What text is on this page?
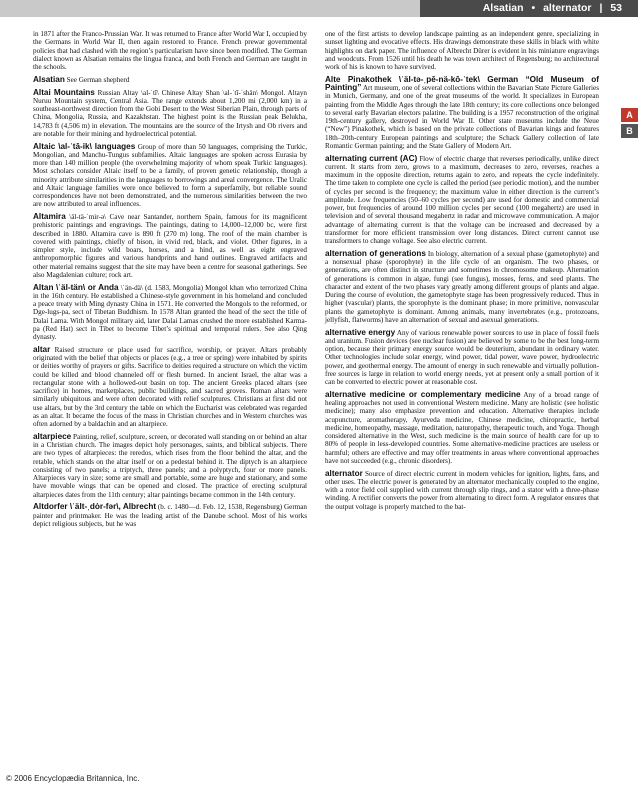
Alsatian • alternator | 53
A
B

in 1871 after the Franco-Prussian War. It was returned to France after World War I, occupied by the Germans in World War II, then again restored to France. French prewar governmental policies that had clashed with the region’s particularism have since been modified. The German dialect known as Alsatian remains the lingua franca, and both French and German are taught in the schools.

Alsatian See German shepherd

Altai Mountains Russian Altay \al-ˈtī\ Chinese Altay Shan \al-ˈtī-ˈshän\ Mongol. Altayn Nuruu Mountain system, Central Asia. The range extends about 1,200 mi (2,000 km) in a southeast-northwest direction from the Gobi Desert to the West Siberian Plain, through parts of China, Mongolia, Russia, and Kazakhstan. The highest point is the Russian peak Belukha, 14,783 ft (4,506 m) in elevation. The mountains are the source of the Irtysh and Ob rivers and are notable for their mining and hydroelectrical potential.

Altaic \al-ˈtā-ik\ languages Group of more than 50 languages, comprising the Turkic, Mongolian, and Manchu-Tungus subfamilies. Altaic languages are spoken across Eurasia by more than 140 million people (the overwhelming majority of whom speak Turkic languages). Most scholars consider Altaic itself to be a family, of proven genetic relationship, though a minority attribute similarities in the languages to borrowings and areal convergence. The Uralic and Altaic language families were once believed to form a superfamily, but reliable sound correspondences have not been demonstrated, and the numerous similarities between the two are now attributed to areal influences.

Altamira \äl-tä-ˈmir-ə\ Cave near Santander, northern Spain, famous for its magnificent prehistoric paintings and engravings. The paintings, dating to 14,000–12,000 bc, were first described in 1880. Altamira cave is 890 ft (270 m) long. The roof of the main chamber is covered with paintings, chiefly of bison, in vivid red, black, and violet. Other figures, in a simpler style, include wild boars, horses, and a hind, as well as eight engraved anthropomorphic figures and various handprints and hand outlines. Engraved artifacts and other material remains suggest that the site may have been a centre for seasonal gatherings. See also Magdalenian culture; rock art.

Altan \ˈäl-tän\ or Anda \ˈän-dä\ (d. 1583, Mongolia) Mongol khan who terrorized China in the 16th century. He established a Chinese-style government in his homeland and concluded a peace treaty with Ming dynasty China in 1571. He converted the Mongols to the reformed, or Dge-lugs-pa, sect of Tibetan Buddhism. In 1578 Altan granted the head of the sect the title of Dalai Lama. With Mongol military aid, later Dalai Lamas crushed the more established Karma-pa (Red Hat) sect in Tibet to become Tibet’s spiritual and temporal rulers. See also Qing dynasty.

altar Raised structure or place used for sacrifice, worship, or prayer. Altars probably originated with the belief that objects or places (e.g., a tree or spring) were inhabited by spirits or deities worthy of prayers or gifts. Sacrifice to deities required a structure on which the victim could be killed and blood channeled off or flesh burned. In ancient Israel, the altar was a rectangular stone with a hollowed-out basin on top. The ancient Greeks placed altars (see sacrifice) in homes, marketplaces, public buildings, and sacred groves. Roman altars were similarly ubiquitous and were often decorated with relief sculptures. Christians at first did not use altars, but by the 3rd century the table on which the Eucharist was celebrated was regarded as an altar. It became the focus of the mass in Christian churches and in Western churches was often adorned by a baldachin and an altarpiece.

altarpiece Painting, relief, sculpture, screen, or decorated wall standing on or behind an altar in a Christian church. The images depict holy personages, saints, and biblical subjects. There are two types of altarpieces: the reredos, which rises from the floor behind the altar, and the retable, which stands on the altar itself or on a pedestal behind it. The diptych is an altarpiece consisting of two panels; a triptych, three panels; and a polyptych, four or more panels. Altarpieces vary in size; some are small and portable, some are huge and stationary, and some have movable wings that can be opened and closed. The practice of erecting sculptural altarpieces dates from the 11th century; altar paintings became common in the 14th century.

Altdorfer \ˈält-ˌdȯr-fər\, Albrecht (b. c. 1480—d. Feb. 12, 1538, Regensburg) German painter and printmaker. He was the leading artist of the Danube school. Most of his works depict religious subjects, but he was

one of the first artists to develop landscape painting as an independent genre, specializing in sunset lighting and evocative effects. His drawings demonstrate these skills in black with white highlights on dark paper. The influence of Albrecht Dürer is evident in his miniature engravings and woodcuts. From 1526 until his death he was town architect of Regensburg; no architectural work of his is known to have survived.

Alte Pinakothek \ˈäl-tə-ˌpē-nä-kō-ˈtek\ German “Old Museum of Painting” Art museum, one of several collections within the Bavarian State Picture Galleries in Munich, Germany, and one of the great museums of the world. It specializes in European painting from the Middle Ages through the late 18th century; its core collections once belonged to several early Bavarian electors palatine. The building is a 1957 reconstruction of the original 19th-century gallery, destroyed in World War II. Other state museums include the Neue (“New”) Pinakothek, which is based on the private collections of Bavarian kings and features 18th–20th-century European paintings and sculpture; the Schack Gallery collection of late Romantic German painting; and the State Gallery of Modern Art.

alternating current (AC) Flow of electric charge that reverses periodically, unlike direct current. It starts from zero, grows to a maximum, decreases to zero, reverses, reaches a maximum in the opposite direction, returns again to zero, and repeats the cycle indefinitely. The time taken to complete one cycle is called the period (see periodic motion), and the number of cycles per second is the frequency; the maximum value in either direction is the current’s amplitude. Low frequencies (50–60 cycles per second) are used for domestic and commercial power, but frequencies of around 100 million cycles per second (100 megahertz) are used in television and of several thousand megahertz in radar and microwave communication. A major advantage of alternating current is that the voltage can be increased and decreased by a transformer for more efficient transmission over long distances. Direct current cannot use transformers to change voltage. See also electric current.

alternation of generations In biology, alternation of a sexual phase (gametophyte) and a nonsexual phase (sporophyte) in the life cycle of an organism. The two phases, or generations, are often distinct in structure and sometimes in chromosome makeup. Alternation of generations is common in algae, fungi (see fungus), mosses, ferns, and seed plants. The character and extent of the two phases vary greatly among different groups of plants and algae. During the course of evolution, the gametophyte stage has been progressively reduced. Thus in higher (vascular) plants, the sporophyte is the dominant phase; in more primitive, nonvascular plants the gametophyte is dominant. Among animals, many invertebrates (e.g., protozoans, jellyfish, flatworms) have an alternation of sexual and asexual generations.

alternative energy Any of various renewable power sources to use in place of fossil fuels and uranium. Fusion devices (see nuclear fusion) are believed by some to be the best long-term option, because their primary energy source would be deuterium, abundant in ordinary water. Other technologies include solar energy, wind power, tidal power, wave power, hydroelectric power, and geothermal energy. The amount of energy in such renewable and virtually pollution-free sources is large in relation to world energy needs, yet at present only a small portion of it can be converted to electric power at reasonable cost.

alternative medicine or complementary medicine Any of a broad range of healing approaches not used in conventional Western medicine. Many are holistic (see holistic medicine); many also emphasize prevention and education. Alternative therapies include acupuncture, aromatherapy, Ayurveda medicine, Chinese medicine, chiropractic, herbal medicine, homeopathy, massage, meditation, naturopathy, therapeutic touch, and Yoga. Though considered alternative in the West, such medicine is the main source of health care for up to 80% of people in less-developed countries. Some alternative-medicine practices are useless or harmful; others are effective and may offer treatments in areas where conventional approaches have not succeeded (e.g., chronic disorders).

alternator Source of direct electric current in modern vehicles for ignition, lights, fans, and other uses. The electric power is generated by an alternator mechanically coupled to the engine, with a rotor field coil supplied with current through slip rings, and a stator with a three-phase winding. A rectifier converts the power from alternating to direct form. A regulator ensures that the output voltage is properly matched to the bat-

© 2006 Encyclopædia Britannica, Inc.
